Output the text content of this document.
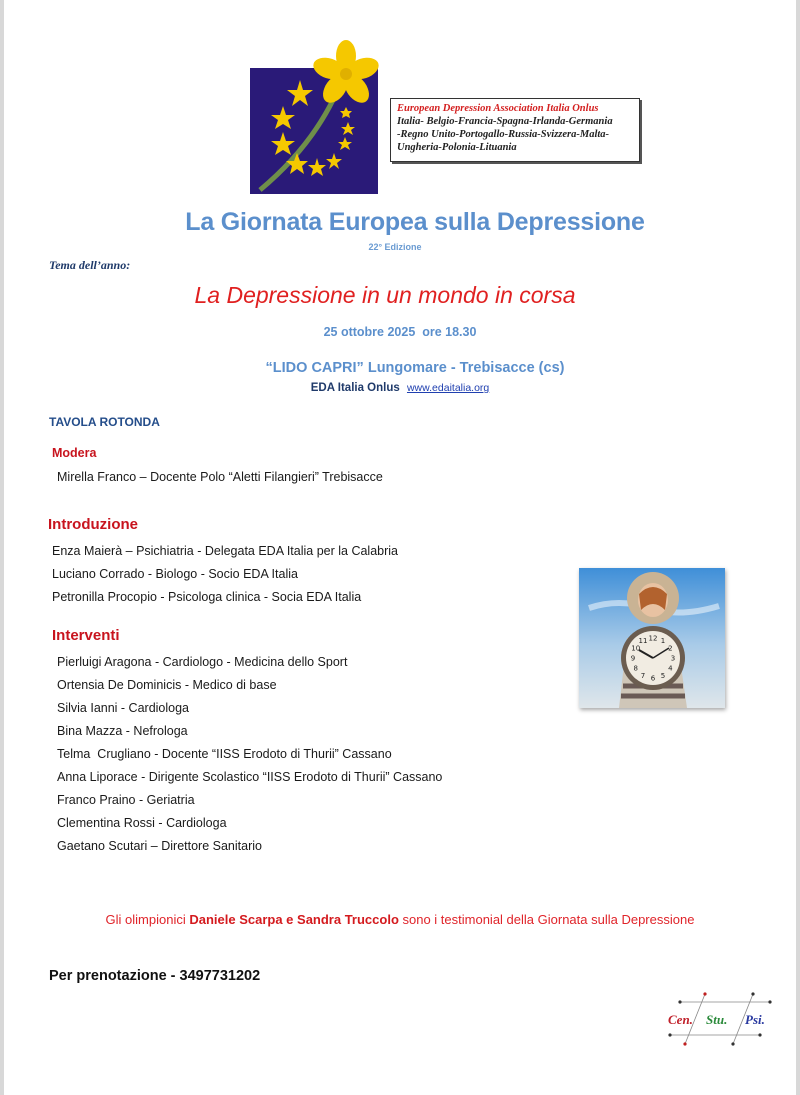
European Depression Association Italia Onlus
Italia- Belgio-Francia-Spagna-Irlanda-Germania
-Regno Unito-Portogallo-Russia-Svizzera-Malta-
Ungheria-Polonia-Lituania
La Giornata Europea sulla Depressione
22° Edizione
Tema dell’anno:
La Depressione in un mondo in corsa
25 ottobre 2025  ore 18.30
“LIDO CAPRI” Lungomare - Trebisacce (cs)
EDA Italia Onlus www.edaitalia.org
TAVOLA ROTONDA
Modera
Mirella Franco – Docente Polo “Aletti Filangieri” Trebisacce
Introduzione
Enza Maierà – Psichiatria - Delegata EDA Italia per la Calabria
Luciano Corrado - Biologo - Socio EDA Italia
Petronilla Procopio - Psicologa clinica - Socia EDA Italia
Interventi
Pierluigi Aragona - Cardiologo - Medicina dello Sport
Ortensia De Dominicis - Medico di base
Silvia Ianni - Cardiologa
Bina Mazza - Nefrologa
Telma  Crugliano - Docente “IISS Erodoto di Thurii” Cassano
Anna Liporace - Dirigente Scolastico “IISS Erodoto di Thurii” Cassano
Franco Praino - Geriatria
Clementina Rossi - Cardiologa
Gaetano Scutari – Direttore Sanitario
12 1
2
3
4
5
6
7
8
9
10
11
Gli olimpionici Daniele Scarpa e Sandra Truccolo sono i testimonial della Giornata sulla Depressione
Per prenotazione - 3497731202
Cen. Stu. Psi.
